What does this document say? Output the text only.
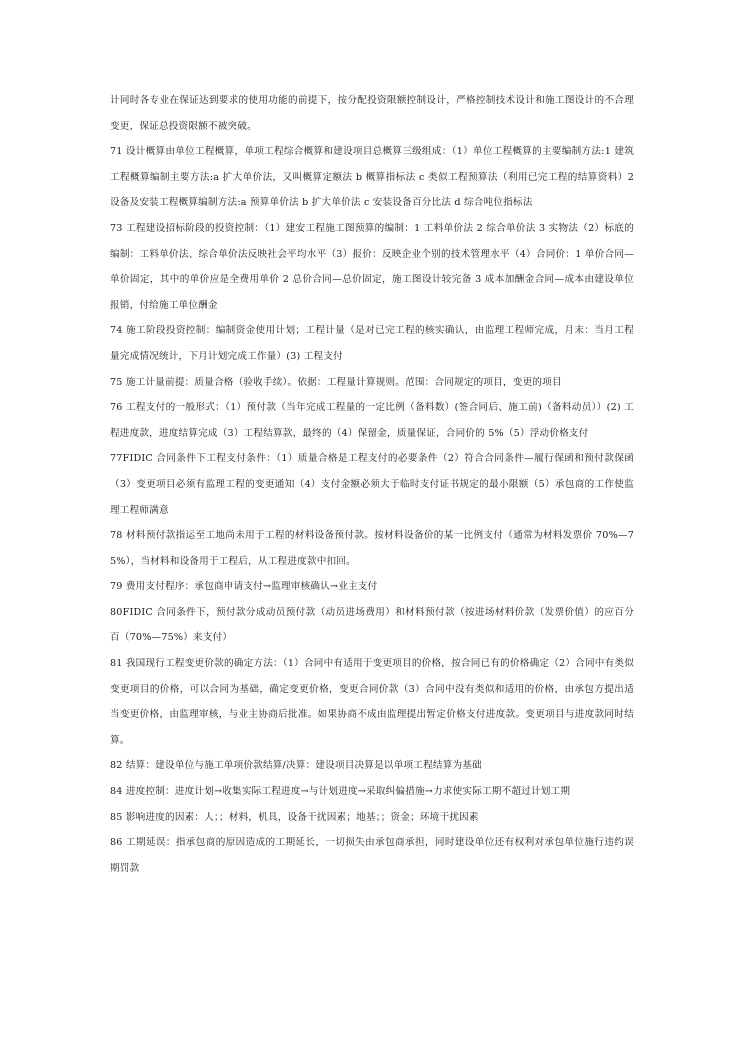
计同时各专业在保证达到要求的使用功能的前提下，按分配投资限额控制设计，严格控制技术设计和施工图设计的不合理变更，保证总投资限额不被突破。

71 设计概算由单位工程概算，单项工程综合概算和建设项目总概算三级组成：（1）单位工程概算的主要编制方法:1 建筑工程概算编制主要方法:a 扩大单价法，又叫概算定额法 b 概算指标法 c 类似工程预算法（利用已完工程的结算资料）2 设备及安装工程概算编制方法:a 预算单价法 b 扩大单价法 c 安装设备百分比法 d 综合吨位指标法

73 工程建设招标阶段的投资控制：（1）建安工程施工图预算的编制：1 工料单价法 2 综合单价法 3 实物法（2）标底的编制：工料单价法、综合单价法反映社会平均水平（3）报价：反映企业个别的技术管理水平（4）合同价：1 单价合同—单价固定，其中的单价应是全费用单价 2 总价合同—总价固定，施工图设计较完备 3 成本加酬金合同—成本由建设单位报销，付给施工单位酬金

74 施工阶段投资控制：编制资金使用计划；工程计量（是对已完工程的核实确认，由监理工程师完成，月末：当月工程量完成情况统计，下月计划完成工作量）(3) 工程支付

75 施工计量前提：质量合格（验收手续）。依据：工程量计算规则。范围：合同规定的项目，变更的项目

76 工程支付的一般形式：（1）预付款（当年完成工程量的一定比例（备料数）(签合同后、施工前)（备料动员））(2) 工程进度款，进度结算完成（3）工程结算款，最终的（4）保留金，质量保证，合同价的 5%（5）浮动价格支付

77FIDIC 合同条件下工程支付条件：（1）质量合格是工程支付的必要条件（2）符合合同条件—履行保函和预付款保函（3）变更项目必须有监理工程的变更通知（4）支付金额必须大于临时支付证书规定的最小限额（5）承包商的工作使监理工程师满意

78 材料预付款指运至工地尚未用于工程的材料设备预付款。按材料设备价的某一比例支付（通常为材料发票价 70%—75%），当材料和设备用于工程后，从工程进度款中扣回。

79 费用支付程序：承包商申请支付→监理审核确认→业主支付

80FIDIC 合同条件下，预付款分成动员预付款（动员进场费用）和材料预付款（按进场材料价款（发票价值）的应百分百（70%—75%）来支付）

81 我国现行工程变更价款的确定方法：（1）合同中有适用于变更项目的价格，按合同已有的价格确定（2）合同中有类似变更项目的价格，可以合同为基础，确定变更价格，变更合同价款（3）合同中没有类似和适用的价格，由承包方提出适当变更价格，由监理审核，与业主协商后批准。如果协商不成由监理提出暂定价格支付进度款。变更项目与进度款同时结算。

82 结算：建设单位与施工单项价款结算/决算：建设项目决算是以单项工程结算为基础

84 进度控制：进度计划→收集实际工程进度→与计划进度→采取纠偏措施→力求使实际工期不超过计划工期

85 影响进度的因素：人；；材料，机具，设备干扰因素；地基；；资金；环境干扰因素

86 工期延误：指承包商的原因造成的工期延长，一切损失由承包商承担，同时建设单位还有权利对承包单位施行违约误期罚款
